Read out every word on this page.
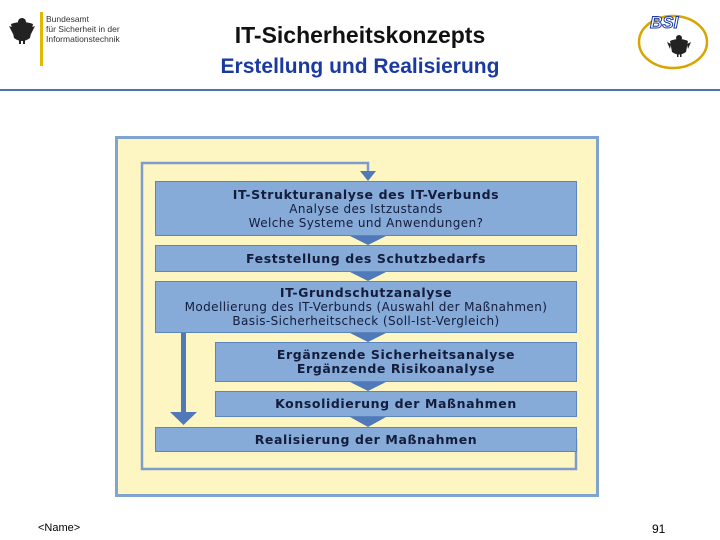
Bundesamt
für Sicherheit in der
Informationstechnik	IT-Sicherheitskonzepts
Erstellung und Realisierung
BSI
IT-Strukturanalyse des IT-Verbunds
Analyse des Istzustands
Welche Systeme und Anwendungen?
Feststellung des Schutzbedarfs
IT-Grundschutzanalyse
Modellierung des IT-Verbunds (Auswahl der Maßnahmen)
Basis-Sicherheitscheck (Soll-Ist-Vergleich)
Ergänzende Sicherheitsanalyse
Ergänzende Risikoanalyse
Konsolidierung der Maßnahmen
Realisierung der Maßnahmen
<Name>	91
